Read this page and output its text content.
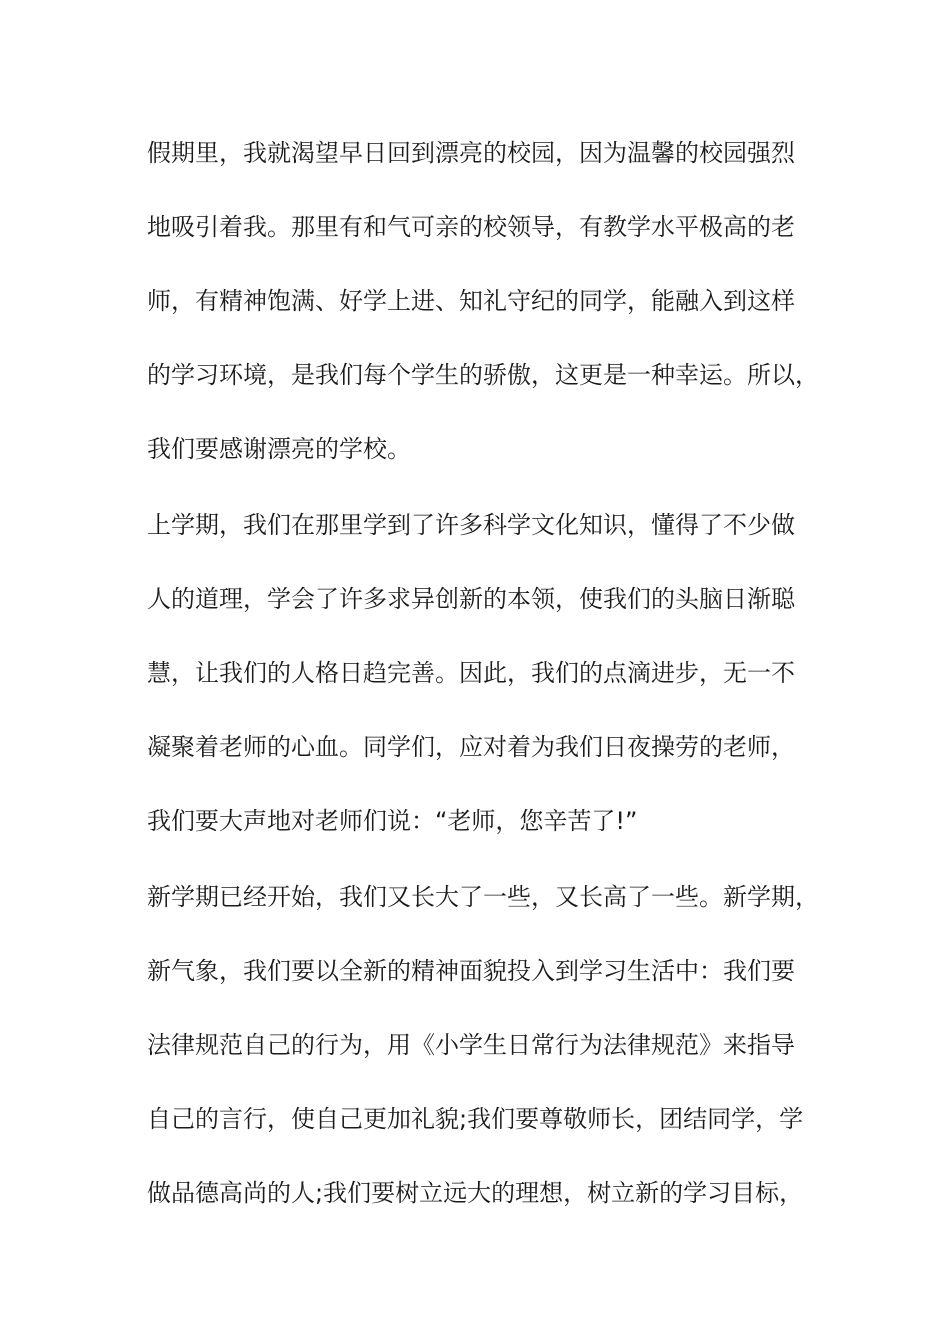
假期里，我就渴望早日回到漂亮的校园，因为温馨的校园强烈
地吸引着我。那里有和气可亲的校领导，有教学水平极高的老
师，有精神饱满、好学上进、知礼守纪的同学，能融入到这样
的学习环境，是我们每个学生的骄傲，这更是一种幸运。所以，
我们要感谢漂亮的学校。
上学期，我们在那里学到了许多科学文化知识，懂得了不少做
人的道理，学会了许多求异创新的本领，使我们的头脑日渐聪
慧，让我们的人格日趋完善。因此，我们的点滴进步，无一不
凝聚着老师的心血。同学们，应对着为我们日夜操劳的老师，
我们要大声地对老师们说：“老师，您辛苦了!”
新学期已经开始，我们又长大了一些，又长高了一些。新学期，
新气象，我们要以全新的精神面貌投入到学习生活中：我们要
法律规范自己的行为，用《小学生日常行为法律规范》来指导
自己的言行，使自己更加礼貌;我们要尊敬师长，团结同学，学
做品德高尚的人;我们要树立远大的理想，树立新的学习目标，
